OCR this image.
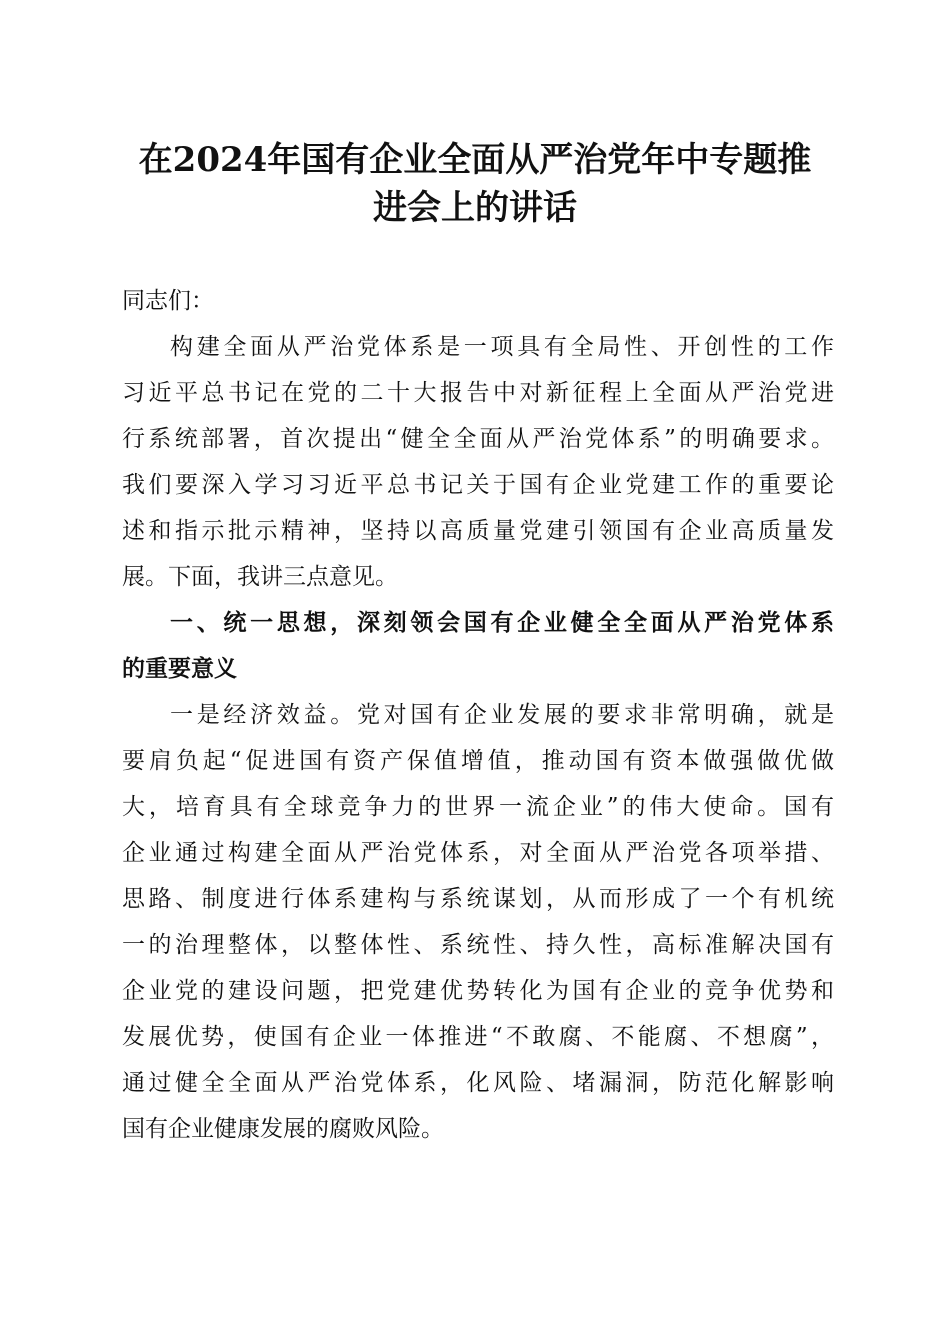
在2024年国有企业全面从严治党年中专题推
进会上的讲话
同志们：
构建全面从严治党体系是一项具有全局性、开创性的工作
习近平总书记在党的二十大报告中对新征程上全面从严治党进
行系统部署，首次提出“健全全面从严治党体系”的明确要求。
我们要深入学习习近平总书记关于国有企业党建工作的重要论
述和指示批示精神，坚持以高质量党建引领国有企业高质量发
展。下面，我讲三点意见。
一、统一思想，深刻领会国有企业健全全面从严治党体系
的重要意义
一是经济效益。党对国有企业发展的要求非常明确，就是
要肩负起“促进国有资产保值增值，推动国有资本做强做优做
大，培育具有全球竞争力的世界一流企业”的伟大使命。国有
企业通过构建全面从严治党体系，对全面从严治党各项举措、
思路、制度进行体系建构与系统谋划，从而形成了一个有机统
一的治理整体，以整体性、系统性、持久性，高标准解决国有
企业党的建设问题，把党建优势转化为国有企业的竞争优势和
发展优势，使国有企业一体推进“不敢腐、不能腐、不想腐”，
通过健全全面从严治党体系，化风险、堵漏洞，防范化解影响
国有企业健康发展的腐败风险。
